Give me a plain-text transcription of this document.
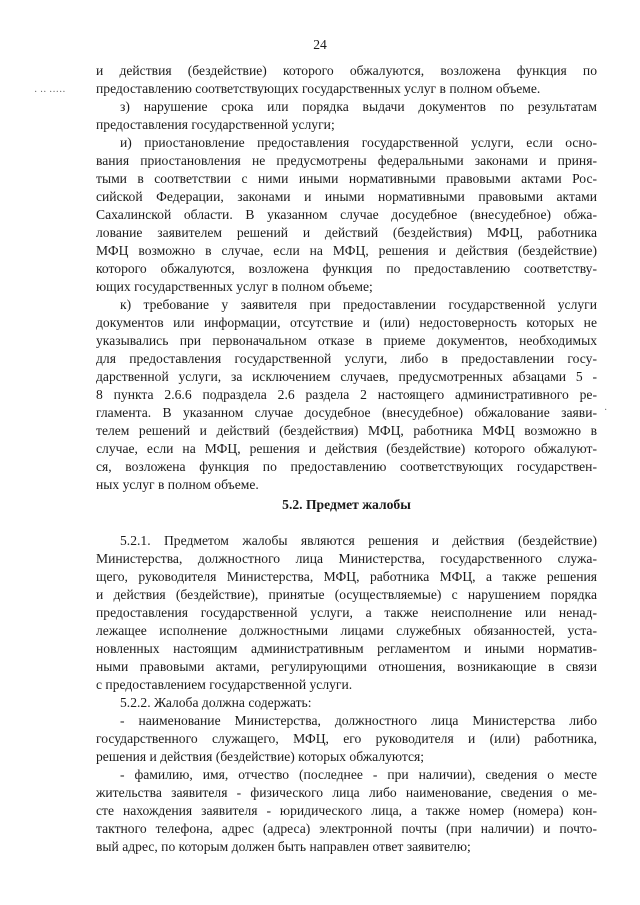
24
· ·· ·····
·
и действия (бездействие) которого обжалуются, возложена функция по
предоставлению соответствующих государственных услуг в полном объеме.
з) нарушение срока или порядка выдачи документов по результатам
предоставления государственной услуги;
и) приостановление предоставления государственной услуги, если осно-
вания приостановления не предусмотрены федеральными законами и приня-
тыми в соответствии с ними иными нормативными правовыми актами Рос-
сийской Федерации, законами и иными нормативными правовыми актами
Сахалинской области. В указанном случае досудебное (внесудебное) обжа-
лование заявителем решений и действий (бездействия) МФЦ, работника
МФЦ возможно в случае, если на МФЦ, решения и действия (бездействие)
которого обжалуются, возложена функция по предоставлению соответству-
ющих государственных услуг в полном объеме;
к) требование у заявителя при предоставлении государственной услуги
документов или информации, отсутствие и (или) недостоверность которых не
указывались при первоначальном отказе в приеме документов, необходимых
для предоставления государственной услуги, либо в предоставлении госу-
дарственной услуги, за исключением случаев, предусмотренных абзацами 5 -
8 пункта 2.6.6 подраздела 2.6 раздела 2 настоящего административного ре-
гламента. В указанном случае досудебное (внесудебное) обжалование заяви-
телем решений и действий (бездействия) МФЦ, работника МФЦ возможно в
случае, если на МФЦ, решения и действия (бездействие) которого обжалуют-
ся, возложена функция по предоставлению соответствующих государствен-
ных услуг в полном объеме.
5.2. Предмет жалобы
5.2.1. Предметом жалобы являются решения и действия (бездействие)
Министерства, должностного лица Министерства, государственного служа-
щего, руководителя Министерства, МФЦ, работника МФЦ, а также решения
и действия (бездействие), принятые (осуществляемые) с нарушением порядка
предоставления государственной услуги, а также неисполнение или ненад-
лежащее исполнение должностными лицами служебных обязанностей, уста-
новленных настоящим административным регламентом и иными норматив-
ными правовыми актами, регулирующими отношения, возникающие в связи
с предоставлением государственной услуги.
5.2.2. Жалоба должна содержать:
- наименование Министерства, должностного лица Министерства либо
государственного служащего, МФЦ, его руководителя и (или) работника,
решения и действия (бездействие) которых обжалуются;
- фамилию, имя, отчество (последнее - при наличии), сведения о месте
жительства заявителя - физического лица либо наименование, сведения о ме-
сте нахождения заявителя - юридического лица, а также номер (номера) кон-
тактного телефона, адрес (адреса) электронной почты (при наличии) и почто-
вый адрес, по которым должен быть направлен ответ заявителю;
